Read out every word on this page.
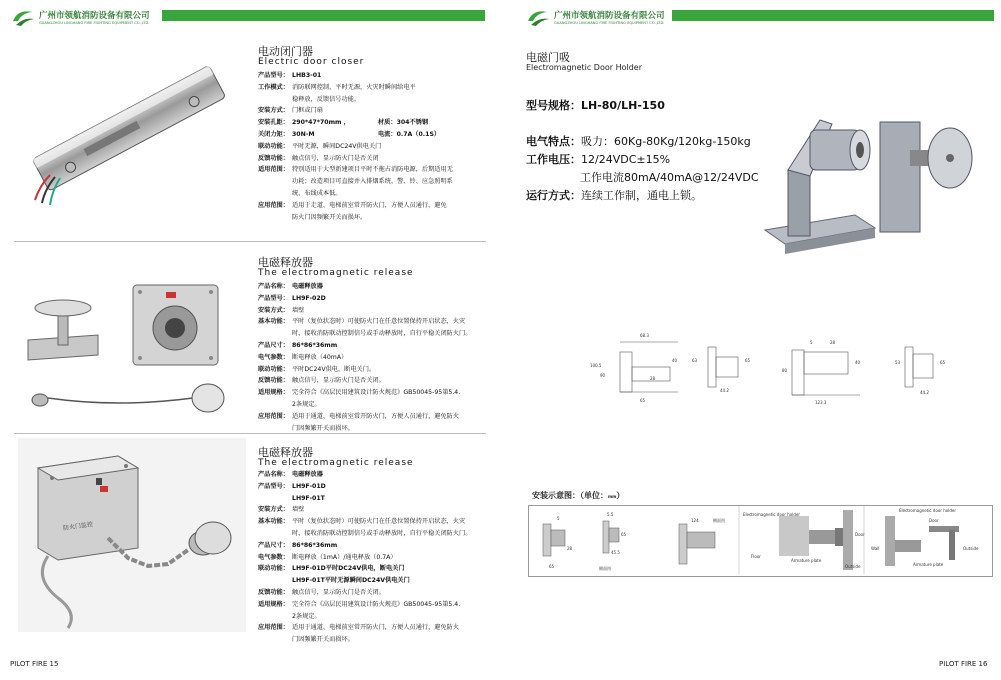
广州市领航消防设备有限公司
GUANGZHOU LINGHANG FIRE FIGHTING EQUIPMENT CO.,LTD.
广州市领航消防设备有限公司
GUANGZHOU LINGHANG FIRE FIGHTING EQUIPMENT CO.,LTD.
电动闭门器
Electric door closer
产品型号： LHB3-01
工作模式： 消防联网控制，平时无源，火灾时瞬间给电平
稳释放，反馈信号功能。
安装方式： 门框或门扇
安装孔距： 290*47*70mm ，	材质： 304不锈钢
关闭力矩： 30N-M	电流： 0.7A（0.1S）
联动功能： 平时无源，瞬间DC24V供电关门
反馈功能： 触点信号，显示防火门是否关闭
适用范围： 特别适用于大型新建项目平时不拖占消防电源，后期适用无
功耗；改造项目可直接并入排烟系统，警、铃、应急照明系
统，布线成本低。
应用范围： 适用于走道、电梯前室常开防火门，方便人员通行，避免
防火门因频繁开关而损坏。
电磁释放器
The electromagnetic release
产品名称： 电磁释放器
产品型号： LH9F-02D
安装方式： 墙壁
基本功能： 平时（复位状态时）可使防火门在任意位置保持开启状态，火灾
时，接收消防联动控制信号或手动释放时，自行平稳关闭防火门。
产品尺寸： 86*86*36mm
电气参数： 断电释放（40mA）
联动功能： 平时DC24V供电，断电关门。
反馈功能： 触点信号，显示防火门是否关闭。
适用规格： 完全符合《高层民用建筑设计防火规范》GB50045-95第5.4.
2条规定。
应用范围： 适用于通道、电梯前室常开防火门，方便人员通行，避免防火
门因频繁开关而损坏。
防火门监控
电磁释放器
The electromagnetic release
产品名称： 电磁释放器
产品型号： LH9F-01D
LH9F-01T
安装方式： 墙壁
基本功能： 平时（复位状态时）可使防火门在任意位置保持开启状态，火灾
时，接收消防联动控制信号或手动释放时，自行平稳关闭防火门。
产品尺寸： 86*86*36mm
电气参数： 断电释放（1mA）/通电释放（0.7A）
联动功能： LH9F-01D平时DC24V供电，断电关门
LH9F-01T平时无源瞬间DC24V供电关门
反馈功能： 触点信号，显示防火门是否关闭。
适用规格： 完全符合《高层民用建筑设计防火规范》GB50045-95第5.4.
2条规定。
应用范围： 适用于通道、电梯前室常开防火门，方便人员通行，避免防火
门因频繁开关而损坏。
PILOT FIRE 15
电磁门吸
Electromagnetic Door Holder
型号规格：LH-80/LH-150
电气特点：吸力：60Kg-80Kg/120kg-150kg
工作电压：12/24VDC±15%
工作电流80mA/40mA@12/24VDC
运行方式：连续工作制，通电上锁。
68.3
100.5
90
40
28
65
63	65
44.2
5	28
80
40
123.3
53	65
44.2
安装示意图：（单位：mm）
5
5.5
28
65
45.5
65
124
侧面图
侧面图
Electromagnetic door holder
Floor
Armature plate
Outside
Door
Wall
Armature plate
Outside
Door
Electromagnetic door holder
PILOT FIRE 16
